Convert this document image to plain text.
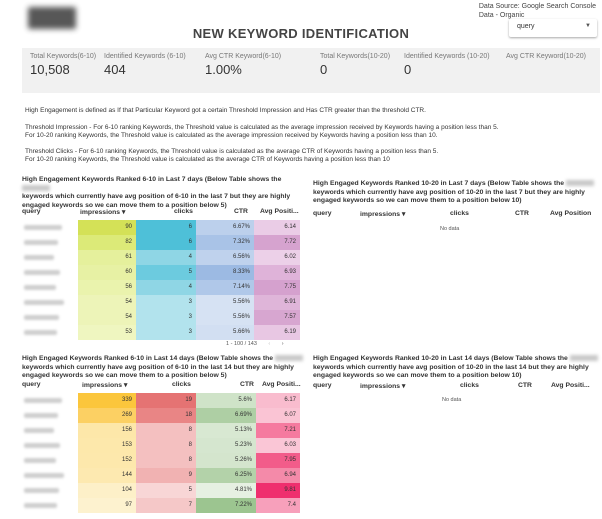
NEW KEYWORD IDENTIFICATION
Data Source: Google Search Console
Data - Organic
query	▼
Total Keywords(6-10)
10,508
Identified Keywords (6-10)
404
Avg CTR Keyword(6-10)
1.00%
Total Keywords(10-20)
0
Identified Keywords (10-20)
0
Avg CTR Keyword(10-20)
High Engagement is defined as If that Particular Keyword got a certain Threshold Impression and Has CTR greater than the threshold CTR.
Threshold Impression - For 6-10 ranking Keywords, the Threshold value is calculated as the average impression received by Keywords having a position less than 5.
For 10-20 ranking Keywords, the Threshold value is calculated as the average impression received by Keywords having a position less than 10.
Threshold Clicks - For 6-10 ranking Keywords, the Threshold value is calculated as the average CTR of Keywords having a position less than 5.
For 10-20 ranking Keywords, the Threshold value is calculated as the average CTR of Keywords having a position less than 10
High Engagement Keywords Ranked 6-10 in Last 7 days (Below Table shows the
keywords which currently have avg position of 6-10 in the last 7 but they are highly
engaged keywords so we can move them to a position below 5)
query	impressions ▾	clicks	CTR Avg Positi...
90	6	6.67%	6.14
82	6	7.32%	7.72
61	4	6.56%	6.02
60	5	8.33%	6.93
56	4	7.14%	7.75
54	3	5.56%	6.91
54	3	5.56%	7.57
53	3	5.66%	6.19
1 - 100 / 143 ‹ ›
High Engaged Keywords Ranked 10-20 in Last 7 days (Below Table shows the
keywords which currently have avg position of 10-20 in the last 7 but they are highly
engaged keywords so we can move them to a position below 10)
query	impressions ▾	clicks	CTR	Avg Position
No data
High Engaged Keywords Ranked 6-10 in Last 14 days (Below Table shows the
keywords which currently have avg position of 6-10 in the last 14 but they are highly
engaged keywords so we can move them to a position below 5)
query	impressions ▾	clicks	CTR Avg Positi...
339	19	5.6%	6.17
269	18	6.69%	6.07
156	8	5.13%	7.21
153	8	5.23%	6.03
152	8	5.26%	7.95
144	9	6.25%	6.94
104	5	4.81%	9.81
97	7	7.22%	7.4
High Engaged Keywords Ranked 10-20 in Last 14 days (Below Table shows the
keywords which currently have avg position of 10-20 in the last 14 but they are highly
engaged keywords so we can move them to a position below 10)
query	impressions ▾	clicks	CTR	Avg Positi...
No data
